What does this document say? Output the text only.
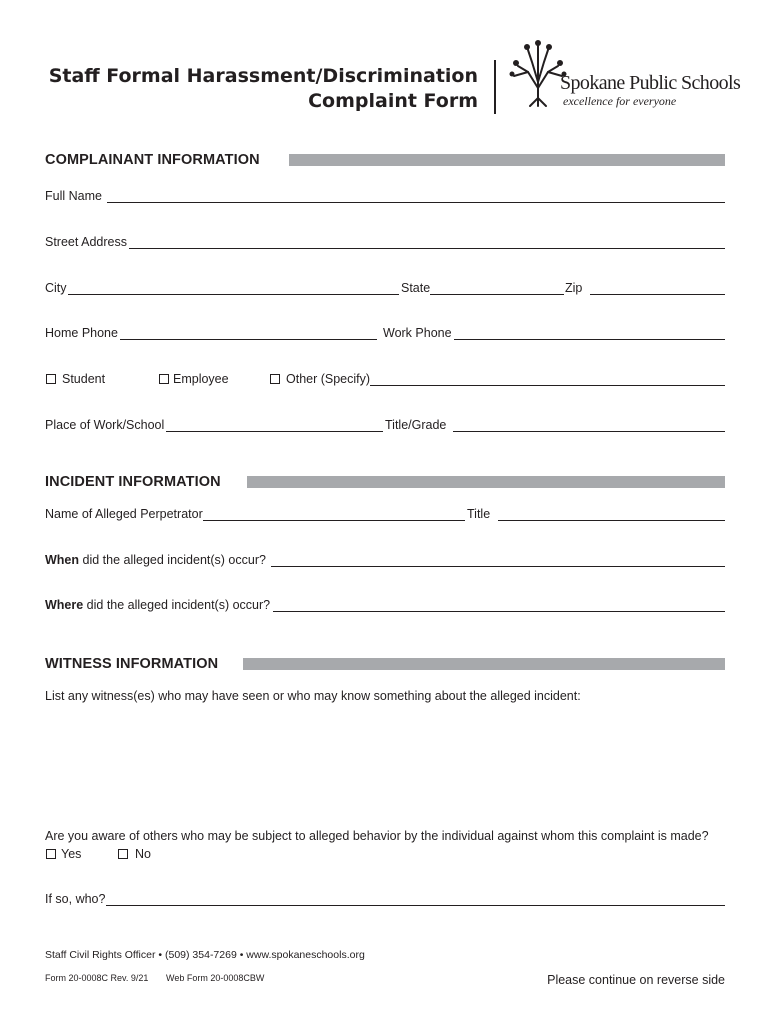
Staff Formal Harassment/Discrimination
Complaint Form
Spokane Public Schools
excellence for everyone
COMPLAINANT INFORMATION
Full Name
Street Address
City	State	Zip
Home Phone	Work Phone
Student	Employee	Other (Specify)
Place of Work/School	Title/Grade
INCIDENT INFORMATION
Name of Alleged Perpetrator	Title
When did the alleged incident(s) occur?
Where did the alleged incident(s) occur?
WITNESS INFORMATION
List any witness(es) who may have seen or who may know something about the alleged incident:
Are you aware of others who may be subject to alleged behavior by the individual against whom this complaint is made?
Yes	No
If so, who?
Staff Civil Rights Officer • (509) 354-7269 • www.spokaneschools.org
Form 20-0008C Rev. 9/21 Web Form 20-0008CBW	Please continue on reverse side
